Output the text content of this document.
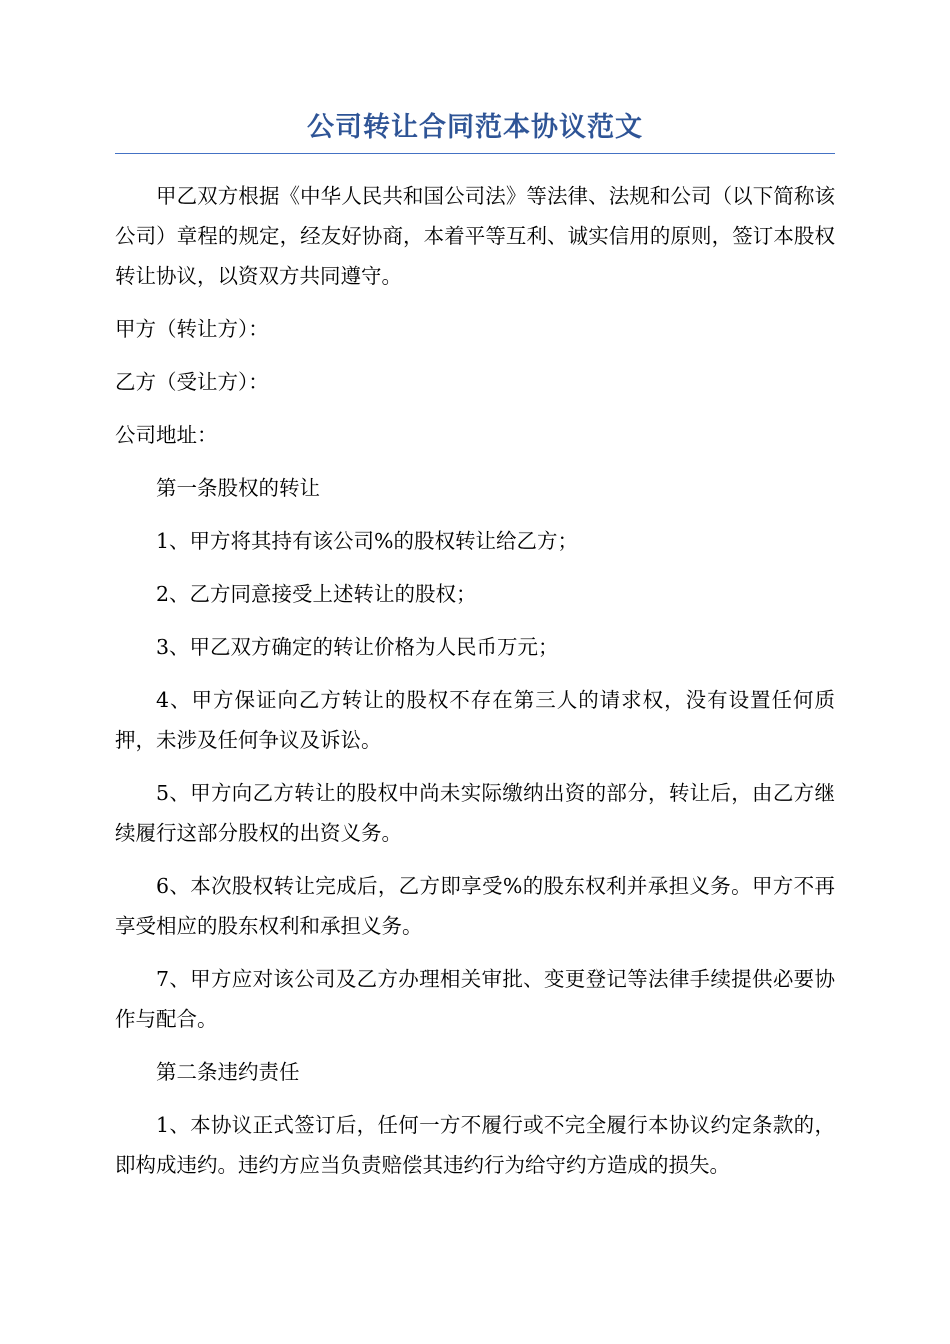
公司转让合同范本协议范文

甲乙双方根据《中华人民共和国公司法》等法律、法规和公司（以下简称该公司）章程的规定，经友好协商，本着平等互利、诚实信用的原则，签订本股权转让协议，以资双方共同遵守。

甲方（转让方）：

乙方（受让方）：

公司地址：

第一条股权的转让

1、甲方将其持有该公司%的股权转让给乙方；

2、乙方同意接受上述转让的股权；

3、甲乙双方确定的转让价格为人民币万元；

4、甲方保证向乙方转让的股权不存在第三人的请求权，没有设置任何质押，未涉及任何争议及诉讼。

5、甲方向乙方转让的股权中尚未实际缴纳出资的部分，转让后，由乙方继续履行这部分股权的出资义务。

6、本次股权转让完成后，乙方即享受%的股东权利并承担义务。甲方不再享受相应的股东权利和承担义务。

7、甲方应对该公司及乙方办理相关审批、变更登记等法律手续提供必要协作与配合。

第二条违约责任

1、本协议正式签订后，任何一方不履行或不完全履行本协议约定条款的，即构成违约。违约方应当负责赔偿其违约行为给守约方造成的损失。
